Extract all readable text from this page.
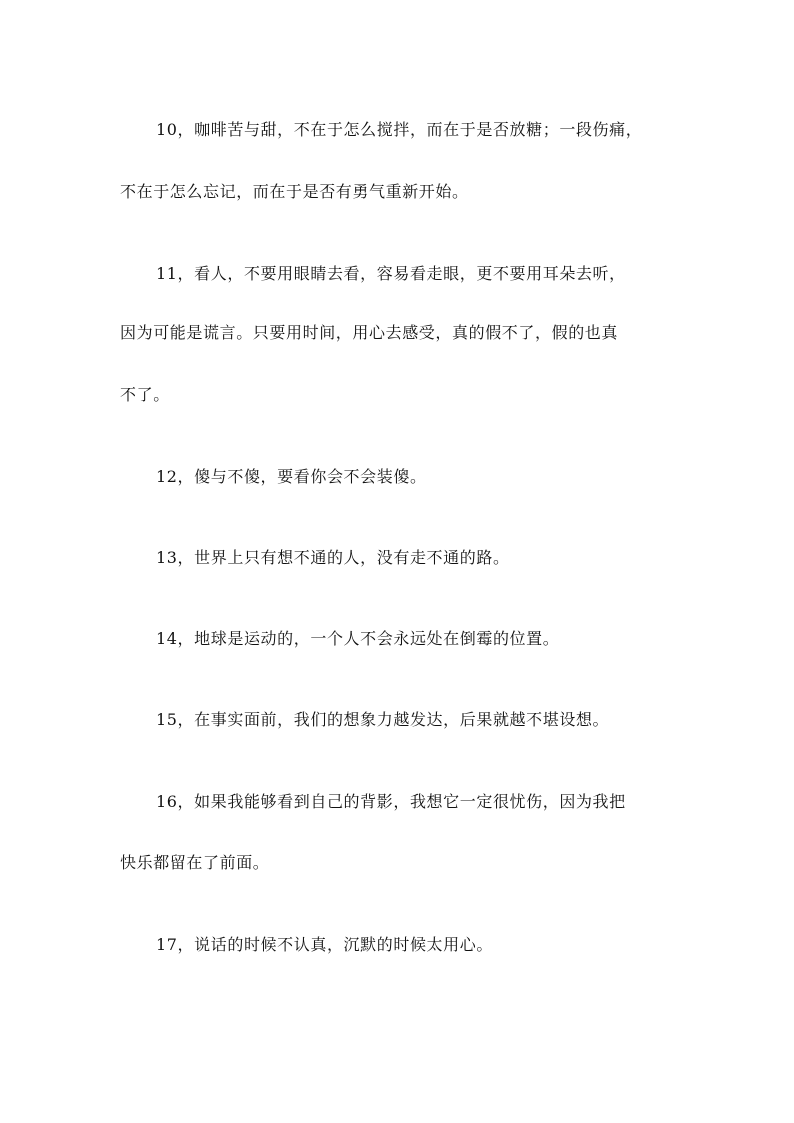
10，咖啡苦与甜，不在于怎么搅拌，而在于是否放糖；一段伤痛，
不在于怎么忘记，而在于是否有勇气重新开始。
11，看人，不要用眼睛去看，容易看走眼，更不要用耳朵去听，
因为可能是谎言。只要用时间，用心去感受，真的假不了，假的也真
不了。
12，傻与不傻，要看你会不会装傻。
13，世界上只有想不通的人，没有走不通的路。
14，地球是运动的，一个人不会永远处在倒霉的位置。
15，在事实面前，我们的想象力越发达，后果就越不堪设想。
16，如果我能够看到自己的背影，我想它一定很忧伤，因为我把
快乐都留在了前面。
17，说话的时候不认真，沉默的时候太用心。
